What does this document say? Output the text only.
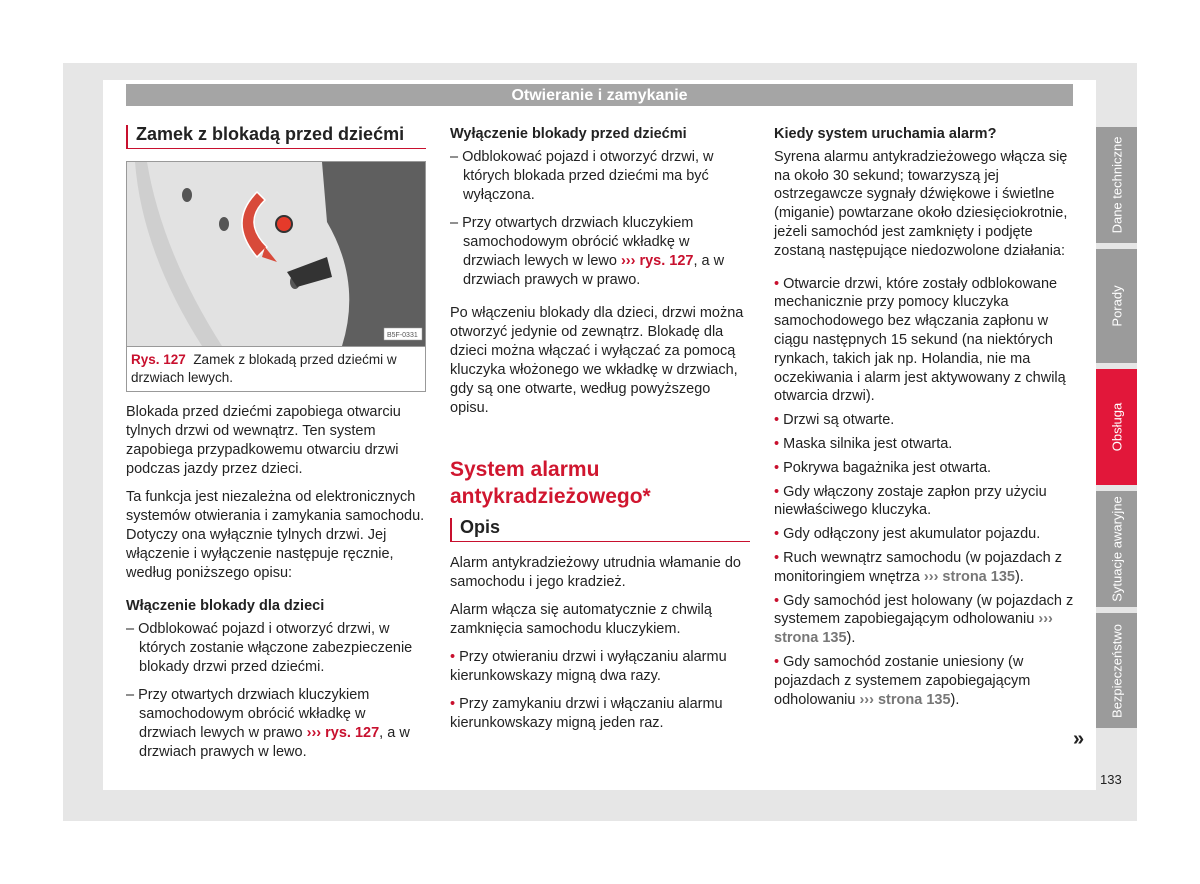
Otwieranie i zamykanie
Zamek z blokadą przed dziećmi
B5F-0331
Rys. 127 Zamek z blokadą przed dziećmi w drzwiach lewych.

Blokada przed dziećmi zapobiega otwarciu tylnych drzwi od wewnątrz. Ten system zapobiega przypadkowemu otwarciu drzwi podczas jazdy przez dzieci.

Ta funkcja jest niezależna od elektronicznych systemów otwierania i zamykania samochodu. Dotyczy ona wyłącznie tylnych drzwi. Jej włączenie i wyłączenie następuje ręcznie, według poniższego opisu:

Włączenie blokady dla dzieci

– Odblokować pojazd i otworzyć drzwi, w których zostanie włączone zabezpieczenie blokady drzwi przed dziećmi.

– Przy otwartych drzwiach kluczykiem samochodowym obrócić wkładkę w drzwiach lewych w prawo ››› rys. 127, a w drzwiach prawych w lewo.

Wyłączenie blokady przed dziećmi

– Odblokować pojazd i otworzyć drzwi, w których blokada przed dziećmi ma być wyłączona.

– Przy otwartych drzwiach kluczykiem samochodowym obrócić wkładkę w drzwiach lewych w lewo ››› rys. 127, a w drzwiach prawych w prawo.

Po włączeniu blokady dla dzieci, drzwi można otworzyć jedynie od zewnątrz. Blokadę dla dzieci można włączać i wyłączać za pomocą kluczyka włożonego we wkładkę w drzwiach, gdy są one otwarte, według powyższego opisu.

System alarmu antykradzieżowego*
Opis

Alarm antykradzieżowy utrudnia włamanie do samochodu i jego kradzież.

Alarm włącza się automatycznie z chwilą zamknięcia samochodu kluczykiem.

• Przy otwieraniu drzwi i wyłączaniu alarmu kierunkowskazy migną dwa razy.

• Przy zamykaniu drzwi i włączaniu alarmu kierunkowskazy migną jeden raz.

Kiedy system uruchamia alarm?

Syrena alarmu antykradzieżowego włącza się na około 30 sekund; towarzyszą jej ostrzegawcze sygnały dźwiękowe i świetlne (miganie) powtarzane około dziesięciokrotnie, jeżeli samochód jest zamknięty i podjęte zostaną następujące niedozwolone działania:

• Otwarcie drzwi, które zostały odblokowane mechanicznie przy pomocy kluczyka samochodowego bez włączania zapłonu w ciągu następnych 15 sekund (na niektórych rynkach, takich jak np. Holandia, nie ma oczekiwania i alarm jest aktywowany z chwilą otwarcia drzwi).

• Drzwi są otwarte.

• Maska silnika jest otwarta.

• Pokrywa bagażnika jest otwarta.

• Gdy włączony zostaje zapłon przy użyciu niewłaściwego kluczyka.

• Gdy odłączony jest akumulator pojazdu.

• Ruch wewnątrz samochodu (w pojazdach z monitoringiem wnętrza ››› strona 135).

• Gdy samochód jest holowany (w pojazdach z systemem zapobiegającym odholowaniu ››› strona 135).

• Gdy samochód zostanie uniesiony (w pojazdach z systemem zapobiegającym odholowaniu ››› strona 135).

»
Dane techniczne
Porady
Obsługa
Sytuacje awaryjne
Bezpieczeństwo
133
